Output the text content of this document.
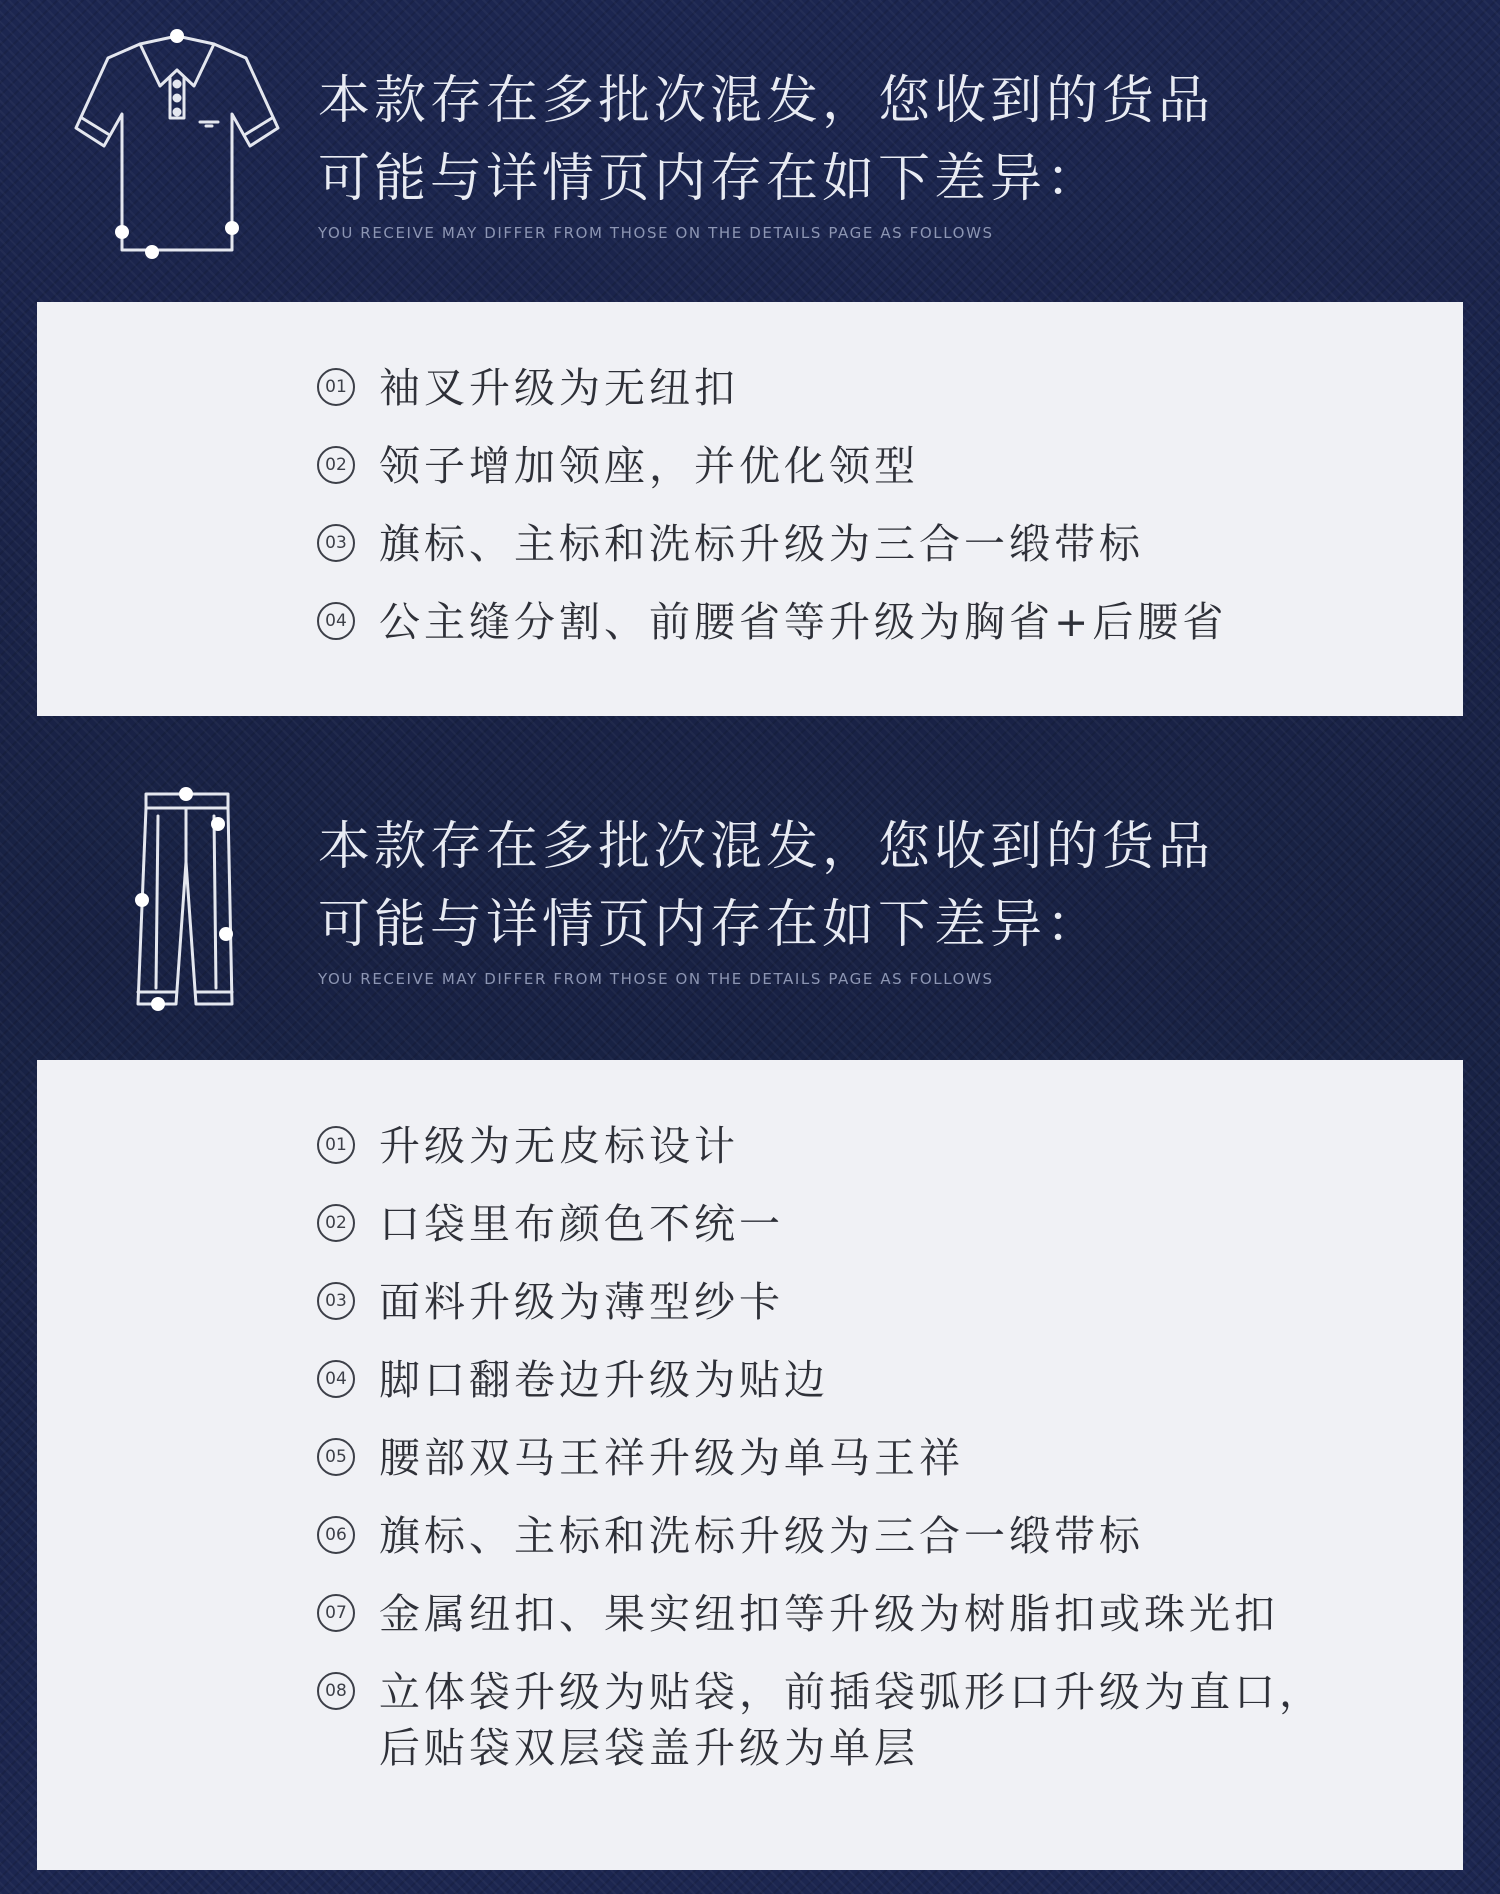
本款存在多批次混发，您收到的货品
可能与详情页内存在如下差异：
YOU RECEIVE MAY DIFFER FROM THOSE ON THE DETAILS PAGE AS FOLLOWS
01 袖叉升级为无纽扣
02 领子增加领座，并优化领型
03 旗标、主标和洗标升级为三合一缎带标
04 公主缝分割、前腰省等升级为胸省+后腰省
本款存在多批次混发，您收到的货品
可能与详情页内存在如下差异：
YOU RECEIVE MAY DIFFER FROM THOSE ON THE DETAILS PAGE AS FOLLOWS
01 升级为无皮标设计
02 口袋里布颜色不统一
03 面料升级为薄型纱卡
04 脚口翻卷边升级为贴边
05 腰部双马王祥升级为单马王祥
06 旗标、主标和洗标升级为三合一缎带标
07 金属纽扣、果实纽扣等升级为树脂扣或珠光扣
08 立体袋升级为贴袋，前插袋弧形口升级为直口，
后贴袋双层袋盖升级为单层
